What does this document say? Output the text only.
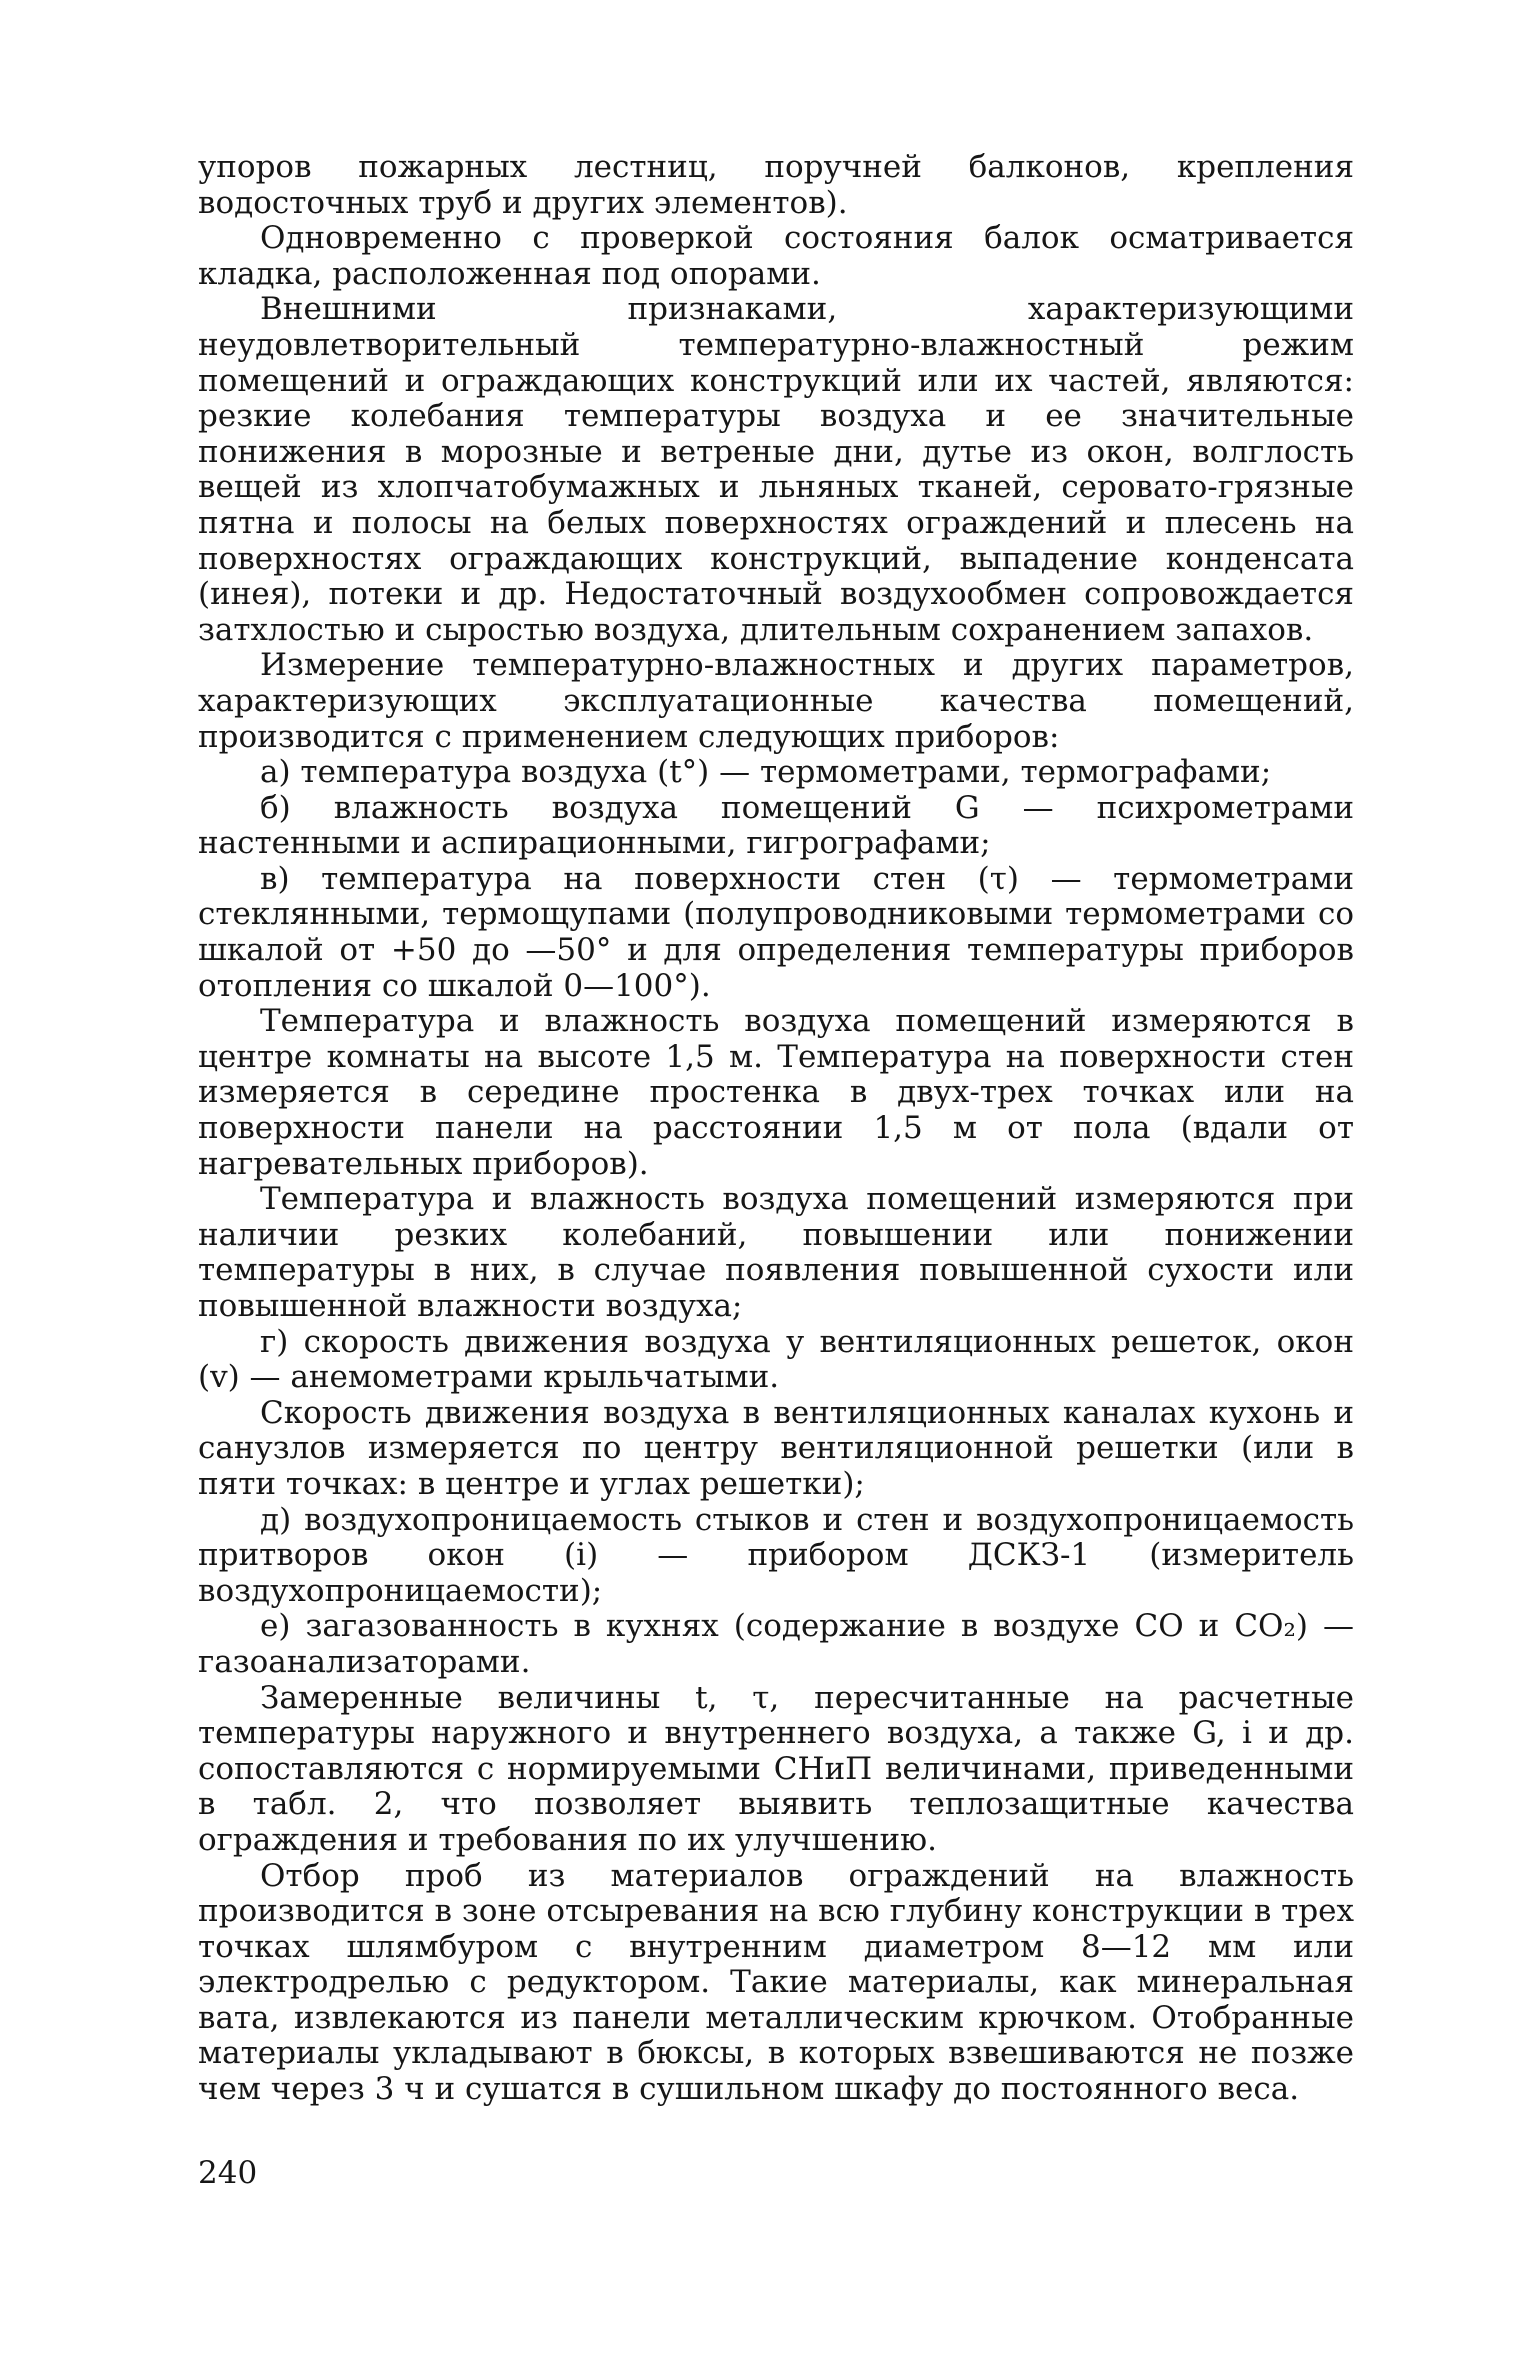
упоров пожарных лестниц, поручней балконов, крепления водосточных труб и других элементов).

Одновременно с проверкой состояния балок осматривается кладка, расположенная под опорами.

Внешними признаками, характеризующими неудовлетворительный температурно-влажностный режим помещений и ограждающих конструкций или их частей, являются: резкие колебания температуры воздуха и ее значительные понижения в морозные и ветреные дни, дутье из окон, волглость вещей из хлопчатобумажных и льняных тканей, серовато-грязные пятна и полосы на белых поверхностях ограждений и плесень на поверхностях ограждающих конструкций, выпадение конденсата (инея), потеки и др. Недостаточный воздухообмен сопровождается затхлостью и сыростью воздуха, длительным сохранением запахов.

Измерение температурно-влажностных и других параметров, характеризующих эксплуатационные качества помещений, производится с применением следующих приборов:

а) температура воздуха (t°) — термометрами, термографами;

б) влажность воздуха помещений G — психрометрами настенными и аспирационными, гигрографами;

в) температура на поверхности стен (τ) — термометрами стеклянными, термощупами (полупроводниковыми термометрами со шкалой от +50 до —50° и для определения температуры приборов отопления со шкалой 0—100°).

Температура и влажность воздуха помещений измеряются в центре комнаты на высоте 1,5 м. Температура на поверхности стен измеряется в середине простенка в двух-трех точках или на поверхности панели на расстоянии 1,5 м от пола (вдали от нагревательных приборов).

Температура и влажность воздуха помещений измеряются при наличии резких колебаний, повышении или понижении температуры в них, в случае появления повышенной сухости или повышенной влажности воздуха;

г) скорость движения воздуха у вентиляционных решеток, окон (v) — анемометрами крыльчатыми.

Скорость движения воздуха в вентиляционных каналах кухонь и санузлов измеряется по центру вентиляционной решетки (или в пяти точках: в центре и углах решетки);

д) воздухопроницаемость стыков и стен и воздухопроницаемость притворов окон (i) — прибором ДСКЗ-1 (измеритель воздухопроницаемости);

е) загазованность в кухнях (содержание в воздухе CO и CO₂) — газоанализаторами.

Замеренные величины t, τ, пересчитанные на расчетные температуры наружного и внутреннего воздуха, а также G, i и др. сопоставляются с нормируемыми СНиП величинами, приведенными в табл. 2, что позволяет выявить теплозащитные качества ограждения и требования по их улучшению.

Отбор проб из материалов ограждений на влажность производится в зоне отсыревания на всю глубину конструкции в трех точках шлямбуром с внутренним диаметром 8—12 мм или электродрелью с редуктором. Такие материалы, как минеральная вата, извлекаются из панели металлическим крючком. Отобранные материалы укладывают в бюксы, в которых взвешиваются не позже чем через 3 ч и сушатся в сушильном шкафу до постоянного веса.

240
